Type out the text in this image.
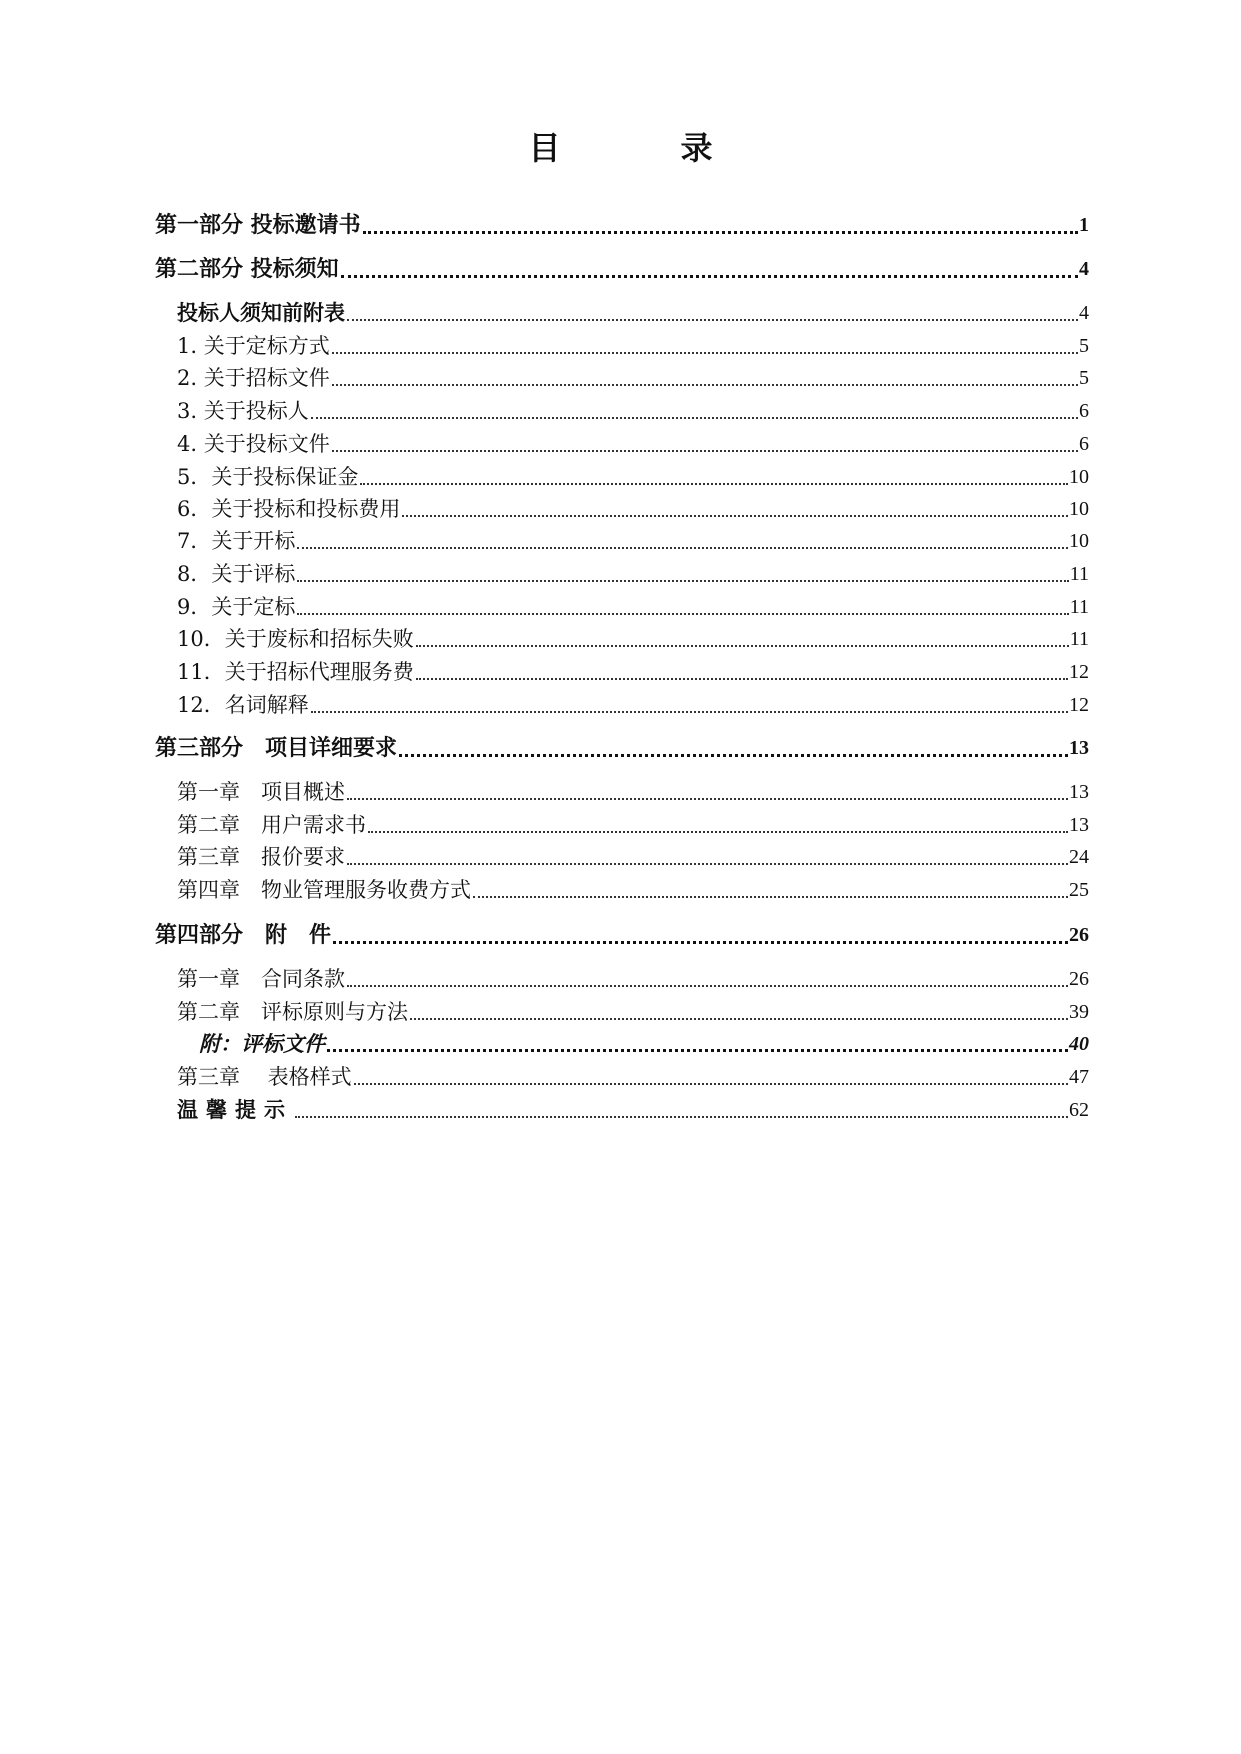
目　录
第一部分 投标邀请书	1
第二部分 投标须知	4
投标人须知前附表	4
1. 关于定标方式	5
2. 关于招标文件	5
3. 关于投标人	6
4. 关于投标文件	6
5．关于投标保证金	10
6．关于投标和投标费用	10
7．关于开标	10
8．关于评标	11
9．关于定标	11
10．关于废标和招标失败	11
11．关于招标代理服务费	12
12．名词解释	12
第三部分　项目详细要求	13
第一章　项目概述	13
第二章　用户需求书	13
第三章　报价要求	24
第四章　物业管理服务收费方式	25
第四部分　附　件	26
第一章　合同条款	26
第二章　评标原则与方法	39
附：评标文件	40
第三章　 表格样式	47
温馨提示	62
